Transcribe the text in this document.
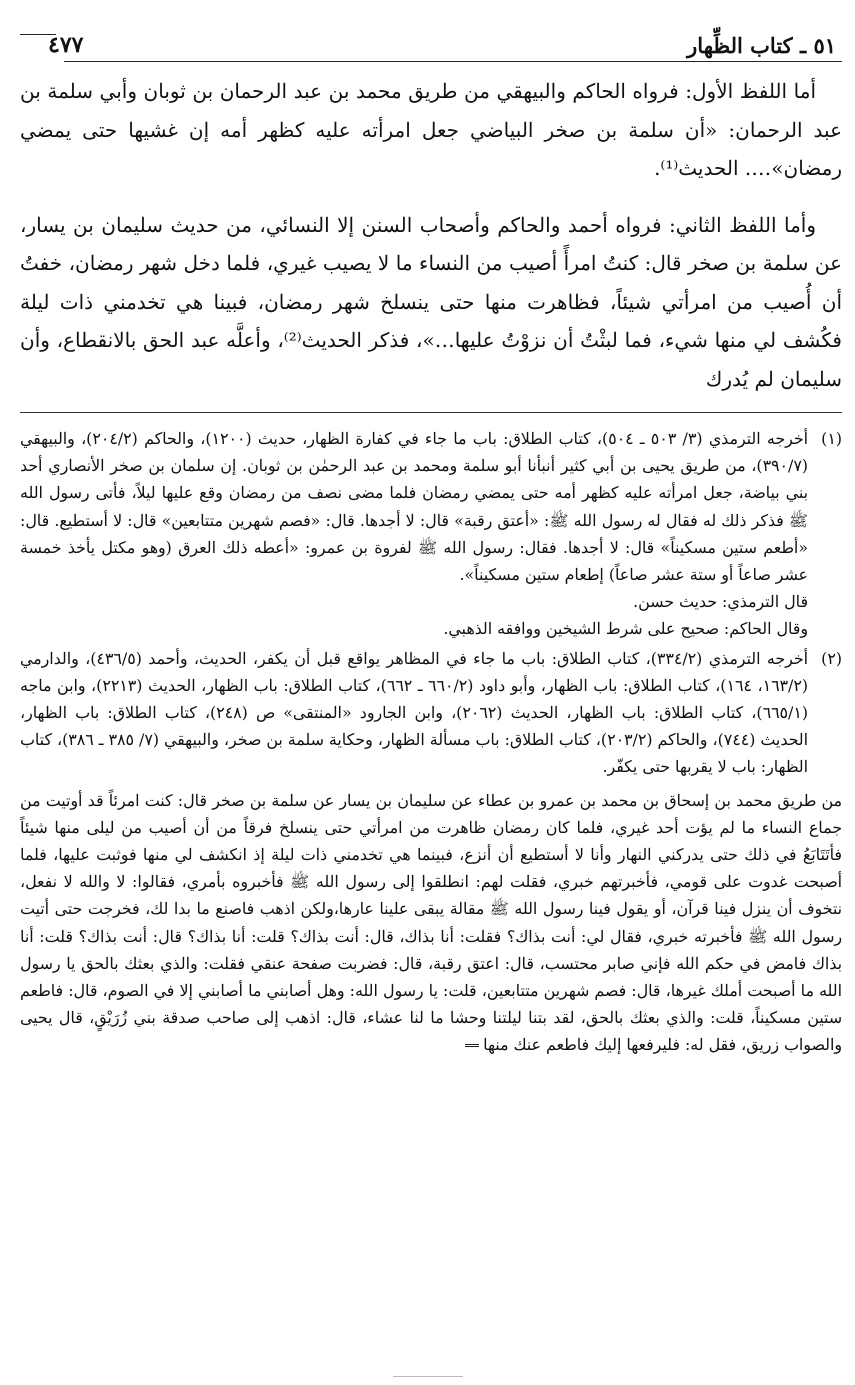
٥١ ـ كتاب الظِّهار
٤٧٧

أما اللفظ الأول: فرواه الحاكم والبيهقي من طريق محمد بن عبد الرحمان بن ثوبان وأبي سلمة بن عبد الرحمان: «أن سلمة بن صخر البياضي جعل امرأته عليه كظهر أمه إن غشيها حتى يمضي رمضان»…. الحديث⁽¹⁾.

وأما اللفظ الثاني: فرواه أحمد والحاكم وأصحاب السنن إلا النسائي، من حديث سليمان بن يسار، عن سلمة بن صخر قال: كنتُ امرأً أصيب من النساء ما لا يصيب غيري، فلما دخل شهر رمضان، خفتُ أن أُصيب من امرأتي شيئاً، فظاهرت منها حتى ينسلخ شهر رمضان، فبينا هي تخدمني ذات ليلة فكُشف لي منها شيء، فما لبثْتُ أن نزوْتُ عليها…»، فذكر الحديث⁽²⁾، وأعلَّه عبد الحق بالانقطاع، وأن سليمان لم يُدرك

(١)

أخرجه الترمذي (٣/ ٥٠٣ ـ ٥٠٤)، كتاب الطلاق: باب ما جاء في كفارة الظهار، حديث (١٢٠٠)، والحاكم (٢٠٤/٢)، والبيهقي (٣٩٠/٧)، من طريق يحيى بن أبي كثير أنبأنا أبو سلمة ومحمد بن عبد الرحمٰن بن ثوبان. إن سلمان بن صخر الأنصاري أحد بني بياضة، جعل امرأته عليه كظهر أمه حتى يمضي رمضان فلما مضى نصف من رمضان وقع عليها ليلاً، فأتى رسول الله ﷺ فذكر ذلك له فقال له رسول الله ﷺ: «أعتق رقبة» قال: لا أجدها. قال: «فصم شهرين متتابعين» قال: لا أستطيع. قال: «أطعم ستين مسكيناً» قال: لا أجدها. فقال: رسول الله ﷺ لفروة بن عمرو: «أعطه ذلك العرق (وهو مكتل يأخذ خمسة عشر صاعاً أو ستة عشر صاعاً) إطعام ستين مسكيناً».

قال الترمذي: حديث حسن.

وقال الحاكم: صحيح على شرط الشيخين ووافقه الذهبي.

(٢)

أخرجه الترمذي (٣٣٤/٢)، كتاب الطلاق: باب ما جاء في المظاهر يواقع قبل أن يكفر، الحديث، وأحمد (٤٣٦/٥)، والدارمي (١٦٣/٢، ١٦٤)، كتاب الطلاق: باب الظهار، وأبو داود (٦٦٠/٢ ـ ٦٦٢)، كتاب الطلاق: باب الظهار، الحديث (٢٢١٣)، وابن ماجه (٦٦٥/١)، كتاب الطلاق: باب الظهار، الحديث (٢٠٦٢)، وابن الجارود «المنتقى» ص (٢٤٨)، كتاب الطلاق: باب الظهار، الحديث (٧٤٤)، والحاكم (٢٠٣/٢)، كتاب الطلاق: باب مسألة الظهار، وحكاية سلمة بن صخر، والبيهقي (٧/ ٣٨٥ ـ ٣٨٦)، كتاب الظهار: باب لا يقربها حتى يكفّر.

من طريق محمد بن إسحاق بن محمد بن عمرو بن عطاء عن سليمان بن يسار عن سلمة بن صخر قال: كنت امرئاً قد أوتيت من جماع النساء ما لم يؤت أحد غيري، فلما كان رمضان ظاهرت من امرأتي حتى ينسلخ فرقاً من أن أصيب من ليلى منها شيئاً فأتَتَابَعُ في ذلك حتى يدركني النهار وأنا لا أستطيع أن أنزع، فبينما هي تخدمني ذات ليلة إذ انكشف لي منها فوثبت عليها، فلما أصبحت غدوت على قومي، فأخبرتهم خبري، فقلت لهم: انطلقوا إلى رسول الله ﷺ فأخبروه بأمري، فقالوا: لا والله لا نفعل، نتخوف أن ينزل فينا قرآن، أو يقول فينا رسول الله ﷺ مقالة يبقى علينا عارها،ولكن اذهب فاصنع ما بدا لك، فخرجت حتى أتيت رسول الله ﷺ فأخبرته خبري، فقال لي: أنت بذاك؟ فقلت: أنا بذاك، قال: أنت بذاك؟ قلت: أنا بذاك؟ قال: أنت بذاك؟ قلت: أنا بذاك فامض في حكم الله فإني صابر محتسب، قال: اعتق رقبة، قال: فضربت صفحة عنقي فقلت: والذي بعثك بالحق يا رسول الله ما أصبحت أملك غيرها، قال: فصم شهرين متتابعين، قلت: يا رسول الله: وهل أصابني ما أصابني إلا في الصوم، قال: فاطعم ستين مسكيناً، قلت: والذي بعثك بالحق، لقد بتنا ليلتنا وحشا ما لنا عشاء، قال: اذهب إلى صاحب صدقة بني زُرَيْقٍ، قال يحيى والصواب زريق، فقل له: فليرفعها إليك فاطعم عنك منها
